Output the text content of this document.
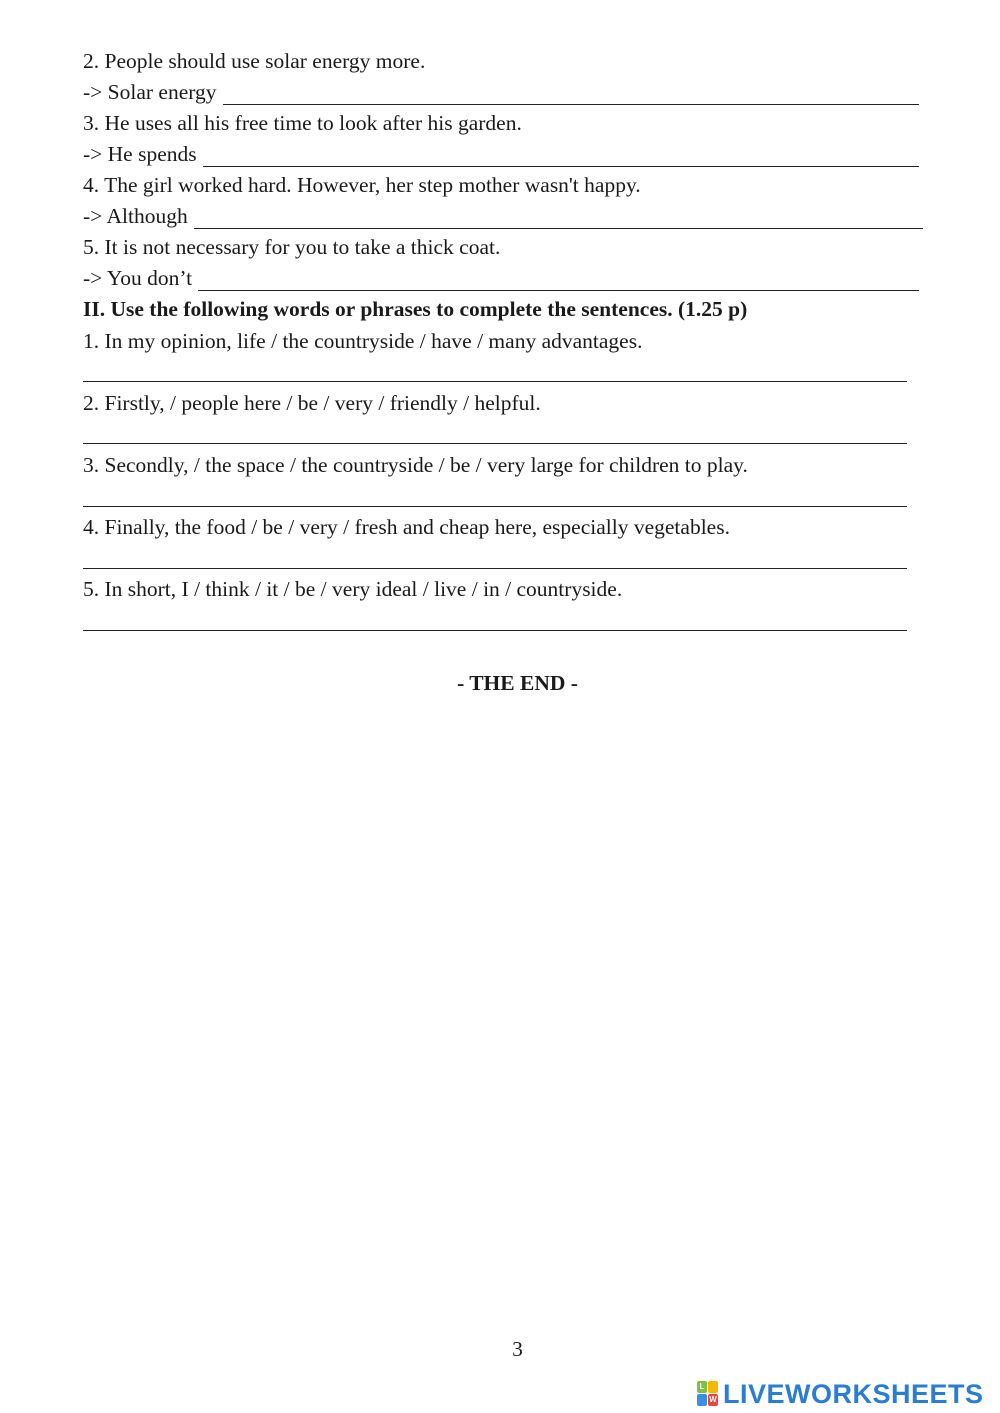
2. People should use solar energy more.
-> Solar energy
3. He uses all his free time to look after his garden.
-> He spends
4. The girl worked hard. However, her step mother wasn't happy.
-> Although
5. It is not necessary for you to take a thick coat.
-> You don’t
II. Use the following words or phrases to complete the sentences. (1.25 p)
1. In my opinion, life / the countryside / have / many advantages.
2. Firstly, / people here / be / very / friendly / helpful.
3. Secondly, / the space / the countryside / be / very large for children to play.
4. Finally, the food / be / very / fresh and cheap here, especially vegetables.
5. In short, I / think / it / be / very ideal / live / in / countryside.
- THE END -
3
L
W LIVEWORKSHEETS
